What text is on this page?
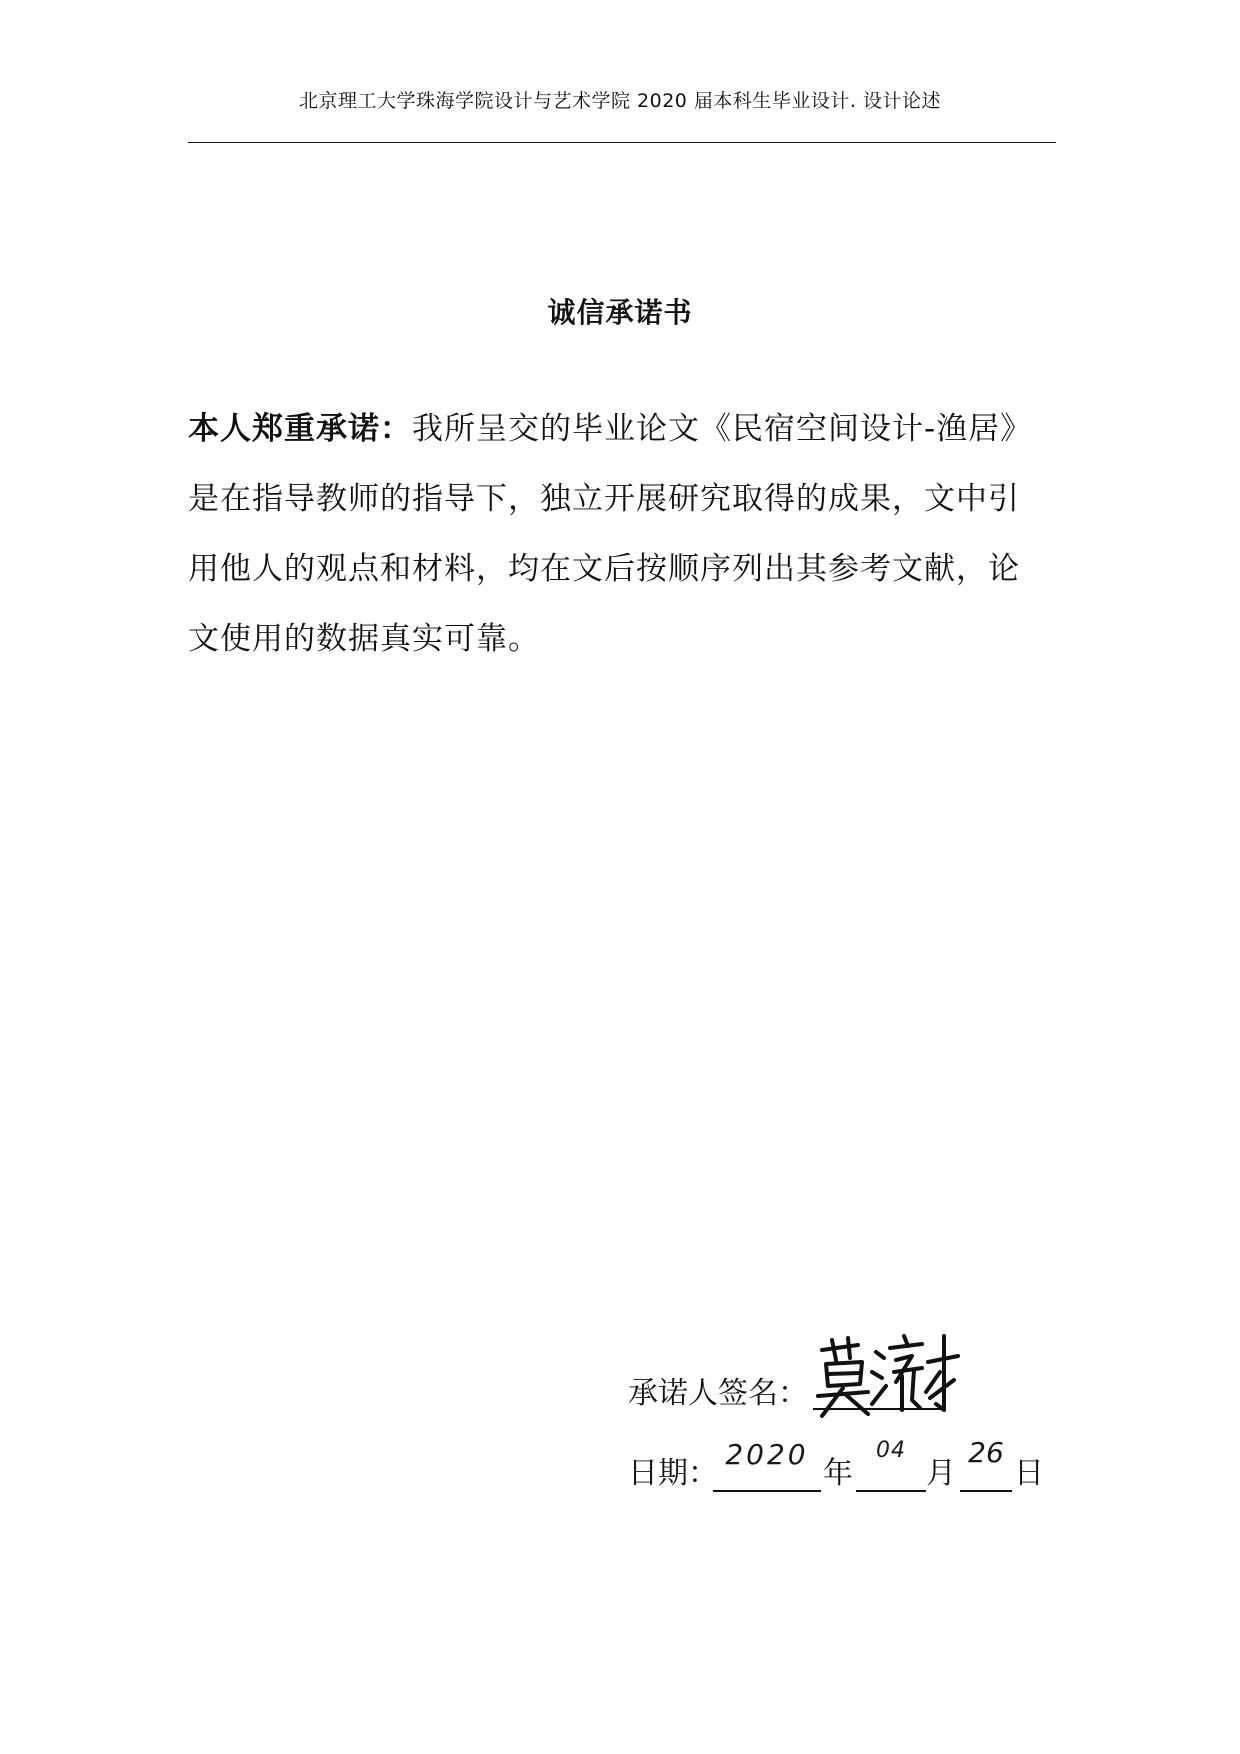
北京理工大学珠海学院设计与艺术学院 2020 届本科生毕业设计. 设计论述
诚信承诺书
本人郑重承诺：我所呈交的毕业论文《民宿空间设计-渔居》
是在指导教师的指导下，独立开展研究取得的成果，文中引
用他人的观点和材料，均在文后按顺序列出其参考文献，论
文使用的数据真实可靠。
承诺人签名：
日期：
2020
年
04
月
26
日
